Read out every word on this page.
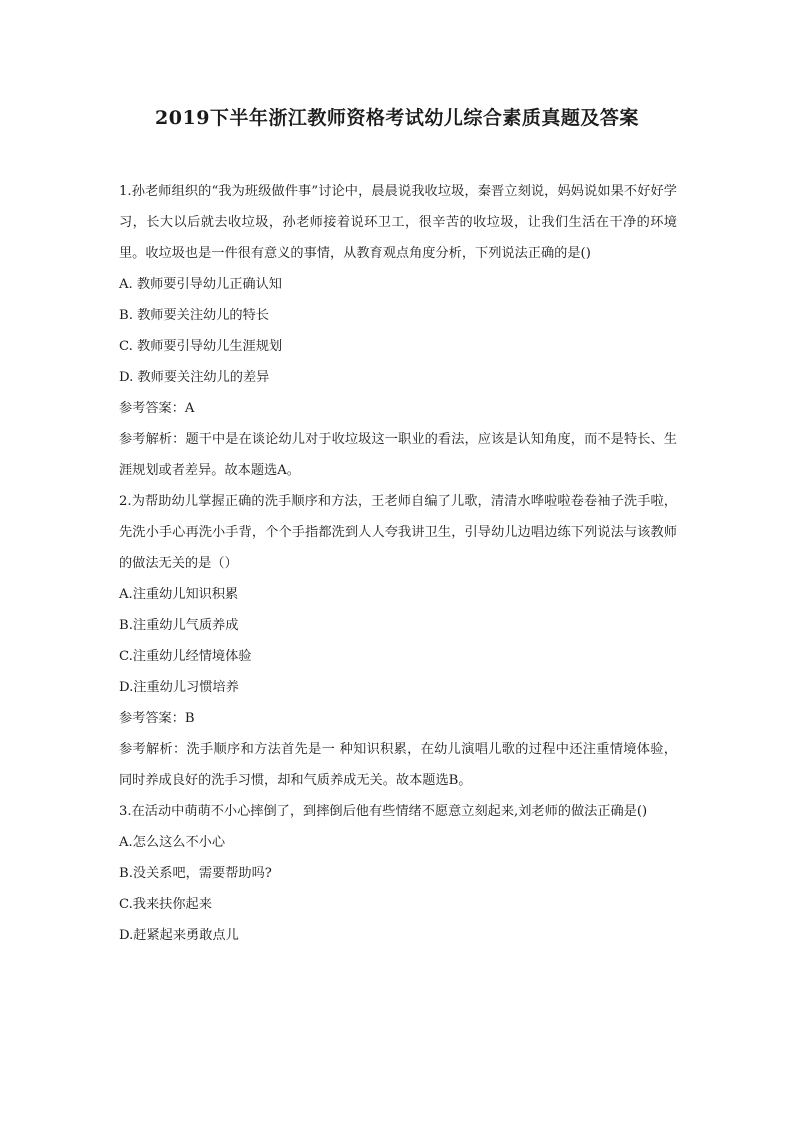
2019下半年浙江教师资格考试幼儿综合素质真题及答案

1.孙老师组织的“我为班级做件事”讨论中，晨晨说我收垃圾，秦晋立刻说，妈妈说如果不好好学习，长大以后就去收垃圾，孙老师接着说环卫工，很辛苦的收垃圾，让我们生活在干净的环境里。收垃圾也是一件很有意义的事情，从教育观点角度分析，下列说法正确的是()

A. 教师要引导幼儿正确认知

B. 教师要关注幼儿的特长

C. 教师要引导幼儿生涯规划

D. 教师要关注幼儿的差异

参考答案：A

参考解析：题干中是在谈论幼儿对于收垃圾这一职业的看法，应该是认知角度，而不是特长、生涯规划或者差异。故本题选A。

2.为帮助幼儿掌握正确的洗手顺序和方法，王老师自编了儿歌，清清水哗啦啦卷卷袖子洗手啦，先洗小手心再洗小手背，个个手指都洗到人人夸我讲卫生，引导幼儿边唱边练下列说法与该教师的做法无关的是（）

A.注重幼儿知识积累

B.注重幼儿气质养成

C.注重幼儿经情境体验

D.注重幼儿习惯培养

参考答案：B

参考解析：洗手顺序和方法首先是一 种知识积累，在幼儿演唱儿歌的过程中还注重情境体验，同时养成良好的洗手习惯，却和气质养成无关。故本题选B。

3.在活动中萌萌不小心摔倒了，到摔倒后他有些情绪不愿意立刻起来,刘老师的做法正确是()

A.怎么这么不小心

B.没关系吧，需要帮助吗?

C.我来扶你起来

D.赶紧起来勇敢点儿
